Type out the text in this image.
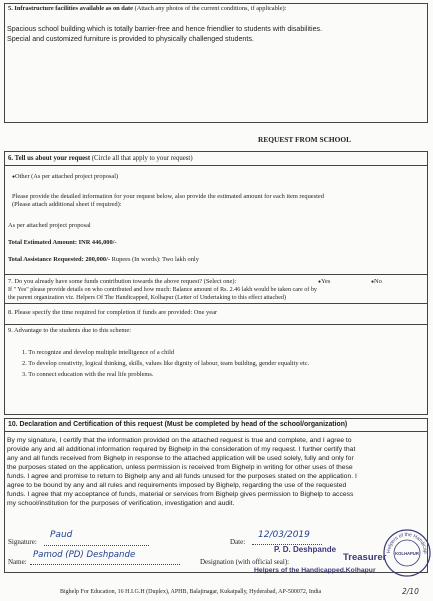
5. Infrastructure facilities available as on date (Attach any photos of the current conditions, if applicable):
Spacious school building which is totally barrier-free and hence friendlier to students with disabilities.
Special and customized furniture is provided to physically challenged students.
REQUEST FROM SCHOOL
6. Tell us about your request (Circle all that apply to your request)
●Other (As per attached project proposal)
Please provide the detailed information for your request below, also provide the estimated amount for each item requested
(Please attach additional sheet if required):
As per attached project proposal
Total Estimated Amount: INR 446,000/-
Total Assistance Requested: 200,000/- Rupees (In words): Two lakh only
7. Do you already have some funds contribution towards the above request? (Select one):	●Yes	●No
If " Yes" please provide details on who contributed and how much: Balance amount of Rs. 2.46 lakh would be taken care of by
the parent organization viz. Helpers Of The Handicapped, Kolhapur (Letter of Undertaking to this effect attached)
8. Please specify the time required for completion if funds are provided: One year
9. Advantage to the students due to this scheme:
1. To recognize and develop multiple intelligence of a child
2. To develop creativity, logical thinking, skills, values like dignity of labour, team building, gender equality etc.
3. To connect education with the real life problems.
10. Declaration and Certification of this request (Must be completed by head of the school/organization)
By my signature, I certify that the information provided on the attached request is true and complete, and I agree to
provide any and all additional information required by Bighelp in the consideration of my request. I further certify that
any and all funds received from Bighelp in response to the attached application will be used solely, fully and only for
the purposes stated on the application, unless permission is received from Bighelp in writing for other uses of these
funds. I agree and promise to return to Bighelp any and all funds unused for the purposes stated on the application. I
agree to be bound by any and all rules and requirements imposed by Bighelp, regarding the use of the requested
funds. I agree that my acceptance of funds, material or services from Bighelp gives permission to Bighelp to access
my school/institution for the purposes of verification, investigation and audit.
Signature:
Paud
Name:
Pamod (PD) Deshpande
Date:
12/03/2019
Designation (with official seal):
P. D. Deshpande
Treasurer
Helpers of the Handicapped,Kolhapur
Helpers of the Handicap
KOLHAPUR
Bighelp For Education, 16 H.I.G.H (Duplex), APHB, Balajinagar, Kukatpally, Hyderabad, AP-500072, India	2/10
